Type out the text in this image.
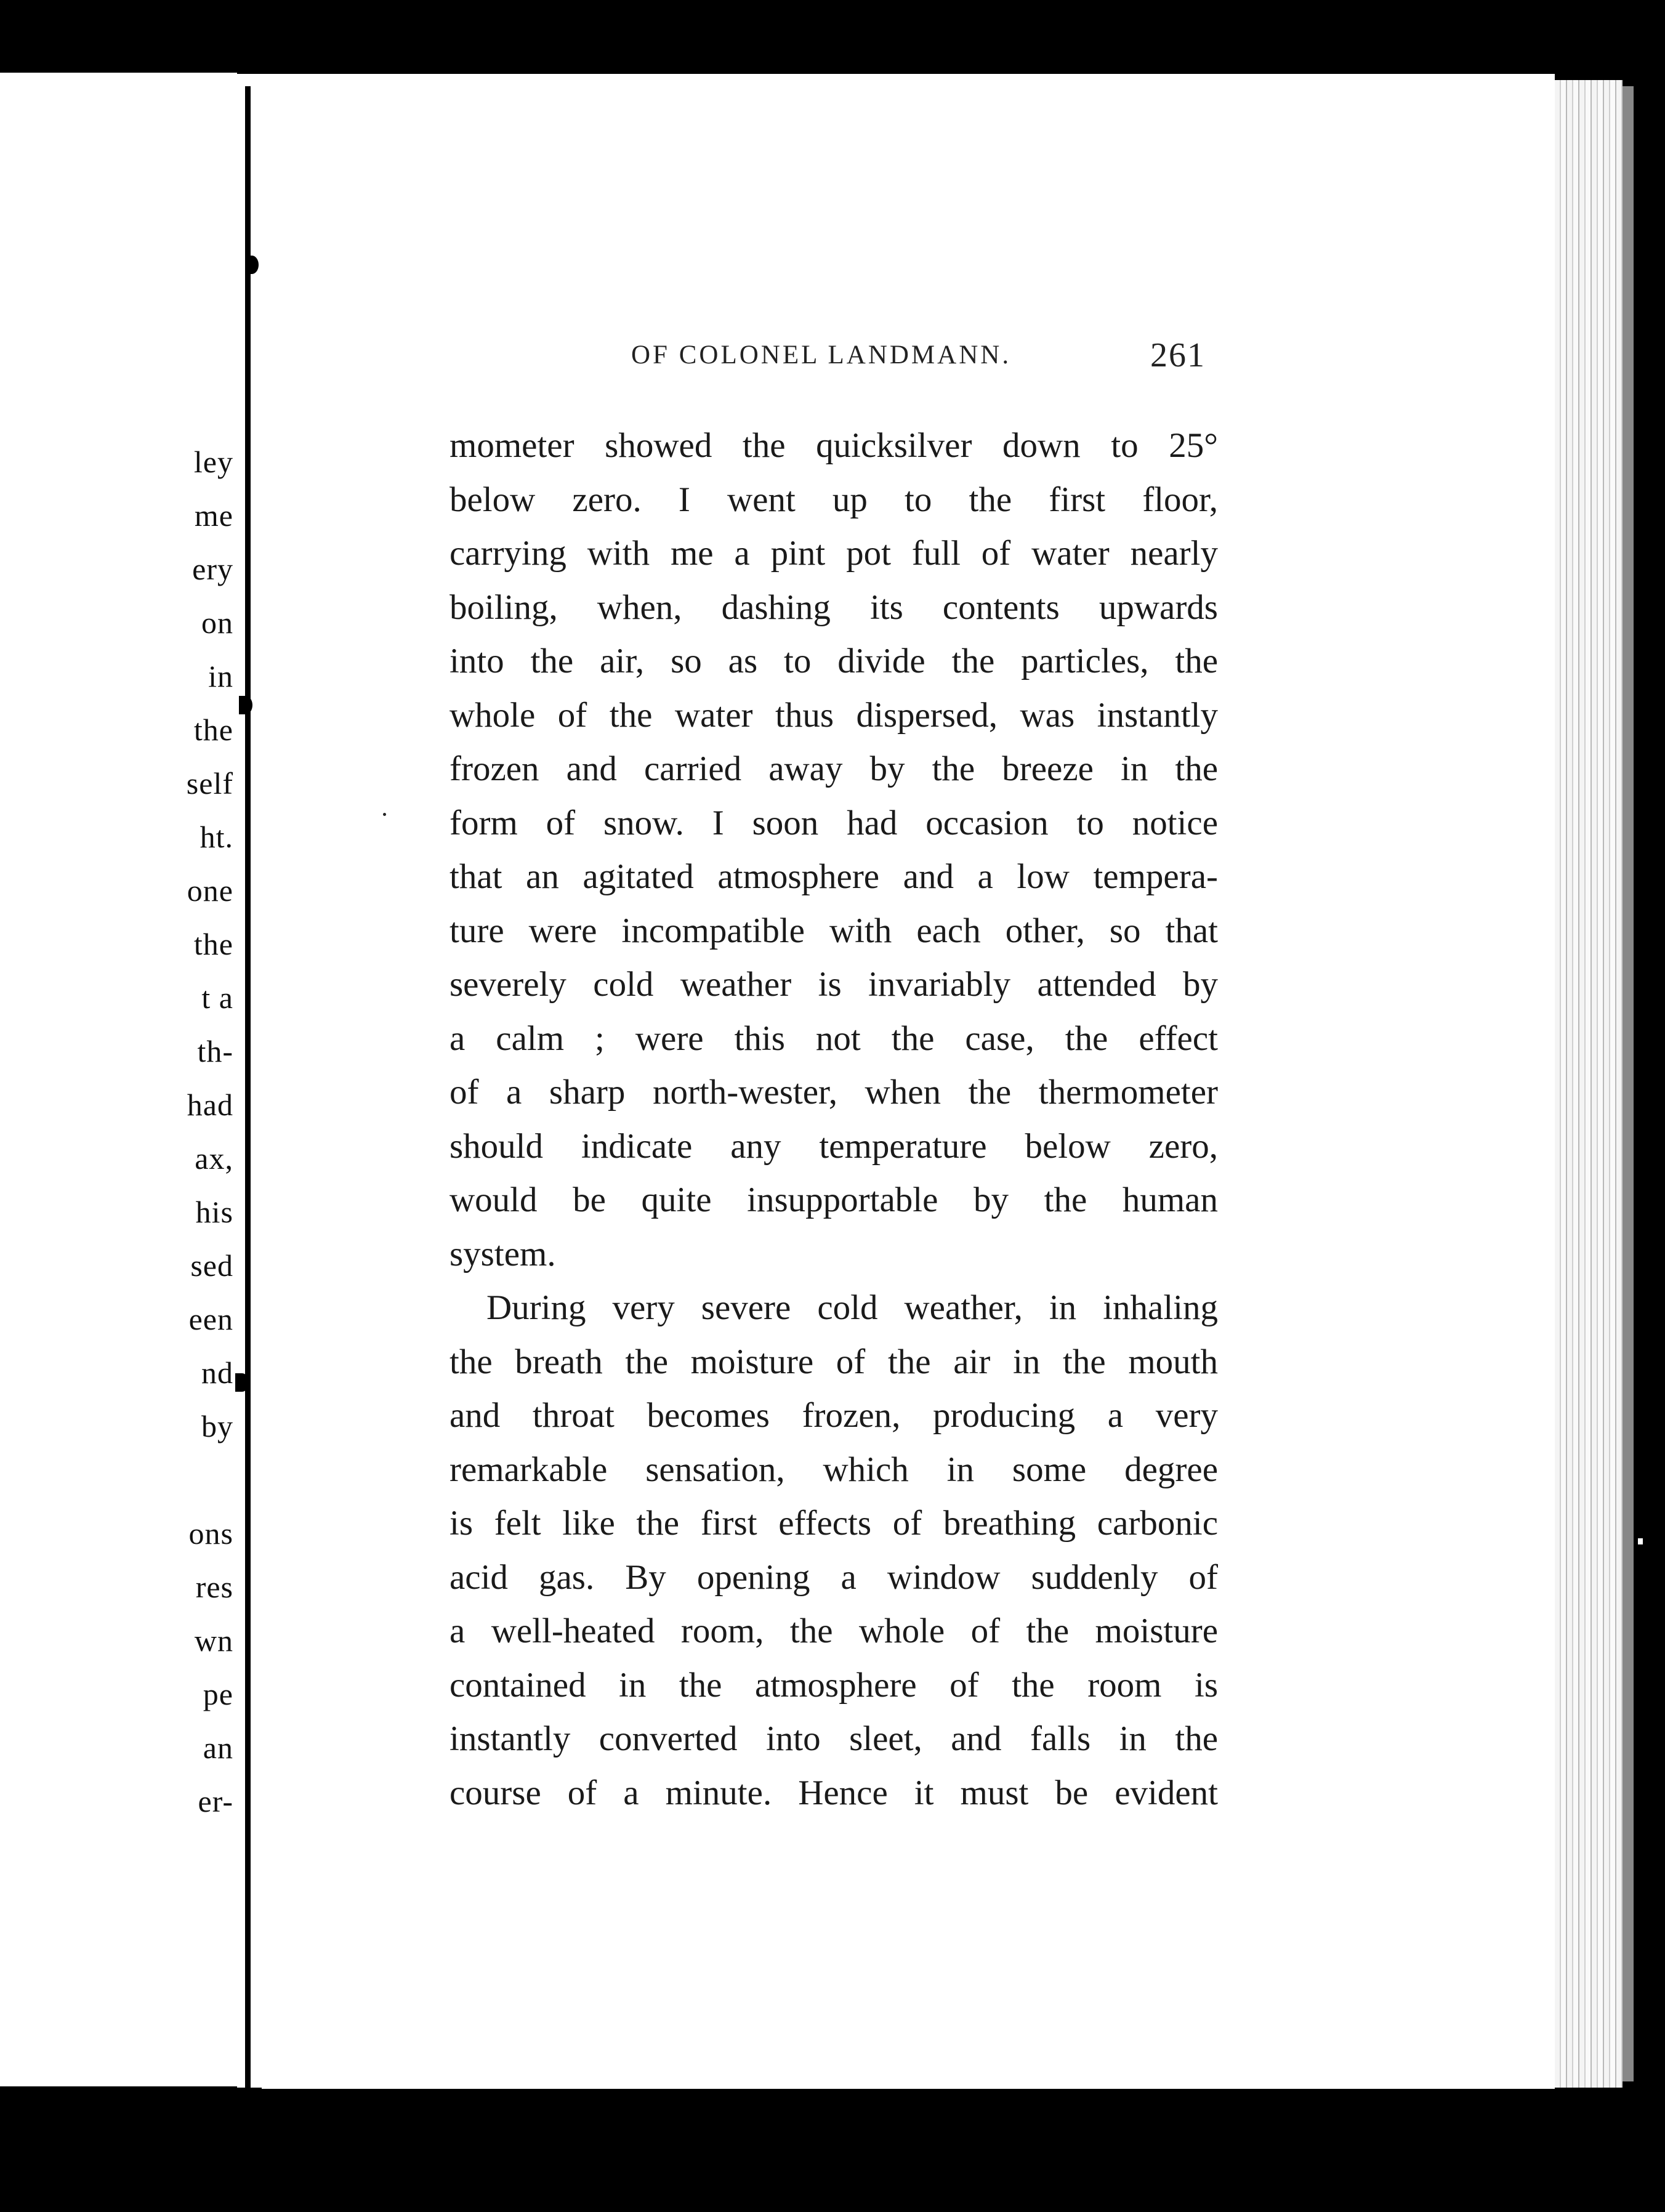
ley
me
ery
on
in
the
self
ht.
one
the
t a
th-
had
ax,
his
sed
een
nd
by
ons
res
wn
pe
an
er-
OF COLONEL LANDMANN.	261
mometer showed the quicksilver down to 25°
below zero. I went up to the first floor,
carrying with me a pint pot full of water nearly
boiling, when, dashing its contents upwards
into the air, so as to divide the particles, the
whole of the water thus dispersed, was instantly
frozen and carried away by the breeze in the
form of snow. I soon had occasion to notice
that an agitated atmosphere and a low tempera-
ture were incompatible with each other, so that
severely cold weather is invariably attended by
a calm ; were this not the case, the effect
of a sharp north-wester, when the thermometer
should indicate any temperature below zero,
would be quite insupportable by the human
system.
During very severe cold weather, in inhaling
the breath the moisture of the air in the mouth
and throat becomes frozen, producing a very
remarkable sensation, which in some degree
is felt like the first effects of breathing carbonic
acid gas. By opening a window suddenly of
a well-heated room, the whole of the moisture
contained in the atmosphere of the room is
instantly converted into sleet, and falls in the
course of a minute. Hence it must be evident
